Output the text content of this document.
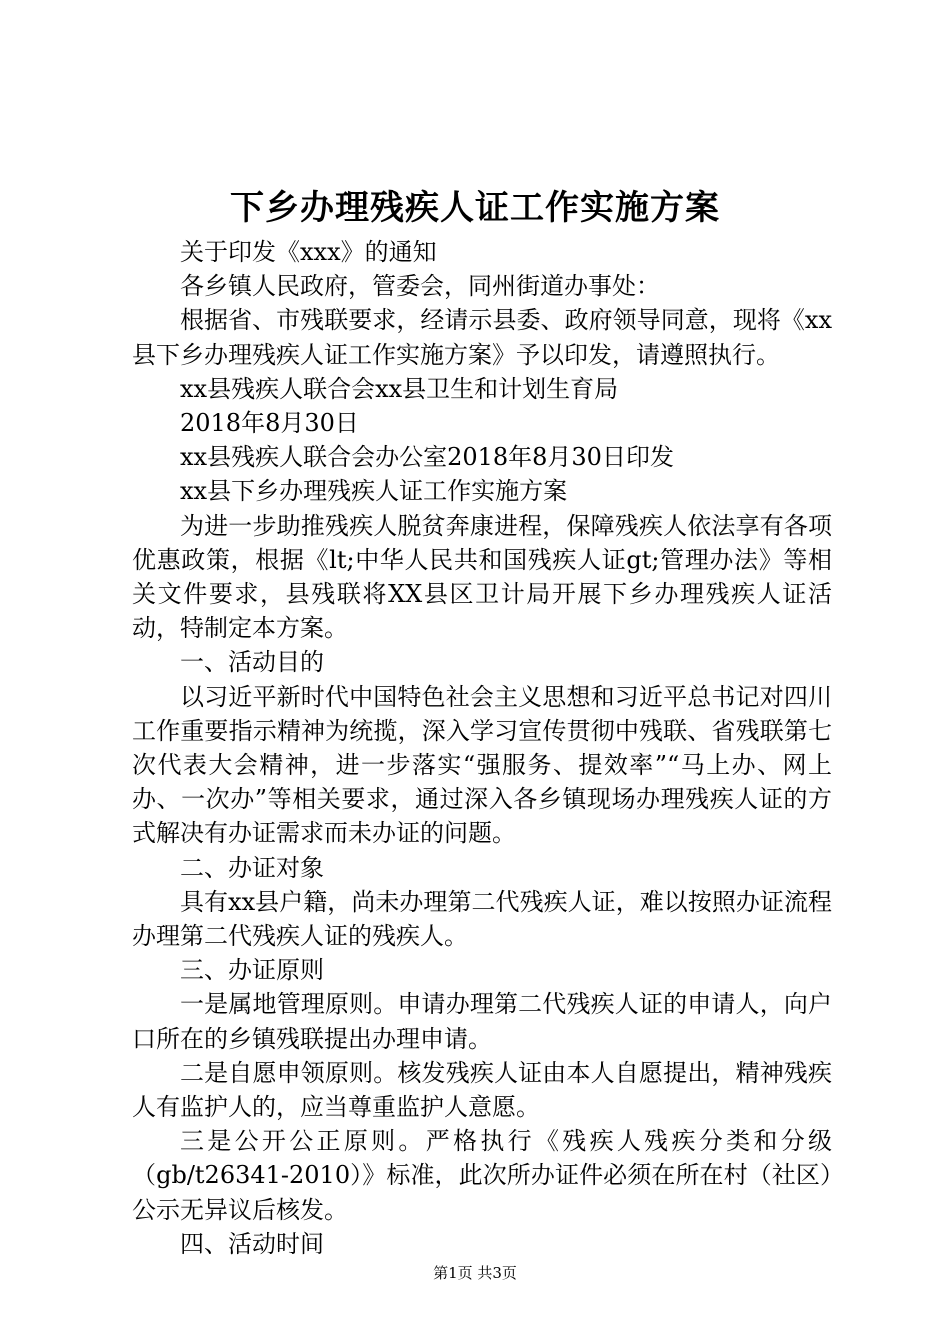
下乡办理残疾人证工作实施方案

关于印发《xxx》的通知

各乡镇人民政府，管委会，同州街道办事处：

根据省、市残联要求，经请示县委、政府领导同意，现将《xx县下乡办理残疾人证工作实施方案》予以印发，请遵照执行。

xx县残疾人联合会xx县卫生和计划生育局

2018年8月30日

xx县残疾人联合会办公室2018年8月30日印发

xx县下乡办理残疾人证工作实施方案

为进一步助推残疾人脱贫奔康进程，保障残疾人依法享有各项优惠政策，根据《lt;中华人民共和国残疾人证gt;管理办法》等相关文件要求，县残联将XX县区卫计局开展下乡办理残疾人证活动，特制定本方案。

一、活动目的

以习近平新时代中国特色社会主义思想和习近平总书记对四川工作重要指示精神为统揽，深入学习宣传贯彻中残联、省残联第七次代表大会精神，进一步落实“强服务、提效率”“马上办、网上办、一次办”等相关要求，通过深入各乡镇现场办理残疾人证的方式解决有办证需求而未办证的问题。

二、办证对象

具有xx县户籍，尚未办理第二代残疾人证，难以按照办证流程办理第二代残疾人证的残疾人。

三、办证原则

一是属地管理原则。申请办理第二代残疾人证的申请人，向户口所在的乡镇残联提出办理申请。

二是自愿申领原则。核发残疾人证由本人自愿提出，精神残疾人有监护人的，应当尊重监护人意愿。

三是公开公正原则。严格执行《残疾人残疾分类和分级（gb/t26341-2010）》标准，此次所办证件必须在所在村（社区）公示无异议后核发。

四、活动时间

第1页 共3页
